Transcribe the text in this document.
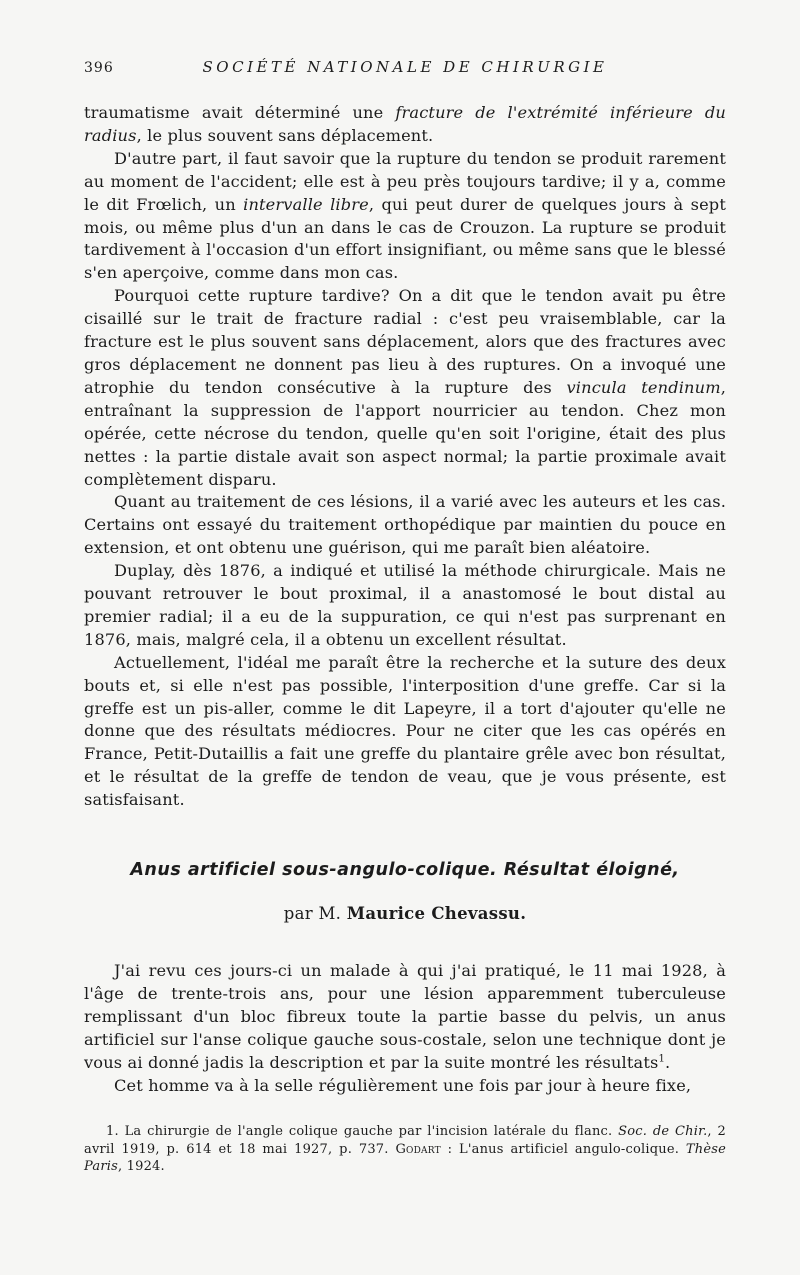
396	SOCIÉTÉ NATIONALE DE CHIRURGIE

traumatisme avait déterminé une fracture de l'extrémité inférieure du radius, le plus souvent sans déplacement.

D'autre part, il faut savoir que la rupture du tendon se produit rarement au moment de l'accident; elle est à peu près toujours tardive; il y a, comme le dit Frœlich, un intervalle libre, qui peut durer de quelques jours à sept mois, ou même plus d'un an dans le cas de Crouzon. La rupture se produit tardivement à l'occasion d'un effort insignifiant, ou même sans que le blessé s'en aperçoive, comme dans mon cas.

Pourquoi cette rupture tardive? On a dit que le tendon avait pu être cisaillé sur le trait de fracture radial : c'est peu vraisemblable, car la fracture est le plus souvent sans déplacement, alors que des fractures avec gros déplacement ne donnent pas lieu à des ruptures. On a invoqué une atrophie du tendon consécutive à la rupture des vincula tendinum, entraînant la suppression de l'apport nourricier au tendon. Chez mon opérée, cette nécrose du tendon, quelle qu'en soit l'origine, était des plus nettes : la partie distale avait son aspect normal; la partie proximale avait complètement disparu.

Quant au traitement de ces lésions, il a varié avec les auteurs et les cas. Certains ont essayé du traitement orthopédique par maintien du pouce en extension, et ont obtenu une guérison, qui me paraît bien aléatoire.

Duplay, dès 1876, a indiqué et utilisé la méthode chirurgicale. Mais ne pouvant retrouver le bout proximal, il a anastomosé le bout distal au premier radial; il a eu de la suppuration, ce qui n'est pas surprenant en 1876, mais, malgré cela, il a obtenu un excellent résultat.

Actuellement, l'idéal me paraît être la recherche et la suture des deux bouts et, si elle n'est pas possible, l'interposition d'une greffe. Car si la greffe est un pis-aller, comme le dit Lapeyre, il a tort d'ajouter qu'elle ne donne que des résultats médiocres. Pour ne citer que les cas opérés en France, Petit-Dutaillis a fait une greffe du plantaire grêle avec bon résultat, et le résultat de la greffe de tendon de veau, que je vous présente, est satisfaisant.

Anus artificiel sous-angulo-colique. Résultat éloigné,
par M. Maurice Chevassu.

J'ai revu ces jours-ci un malade à qui j'ai pratiqué, le 11 mai 1928, à l'âge de trente-trois ans, pour une lésion apparemment tuberculeuse remplissant d'un bloc fibreux toute la partie basse du pelvis, un anus artificiel sur l'anse colique gauche sous-costale, selon une technique dont je vous ai donné jadis la description et par la suite montré les résultats$^1$.

Cet homme va à la selle régulièrement une fois par jour à heure fixe,

1. La chirurgie de l'angle colique gauche par l'incision latérale du flanc. Soc. de Chir., 2 avril 1919, p. 614 et 18 mai 1927, p. 737. Godart : L'anus artificiel angulo-colique. Thèse Paris, 1924.
